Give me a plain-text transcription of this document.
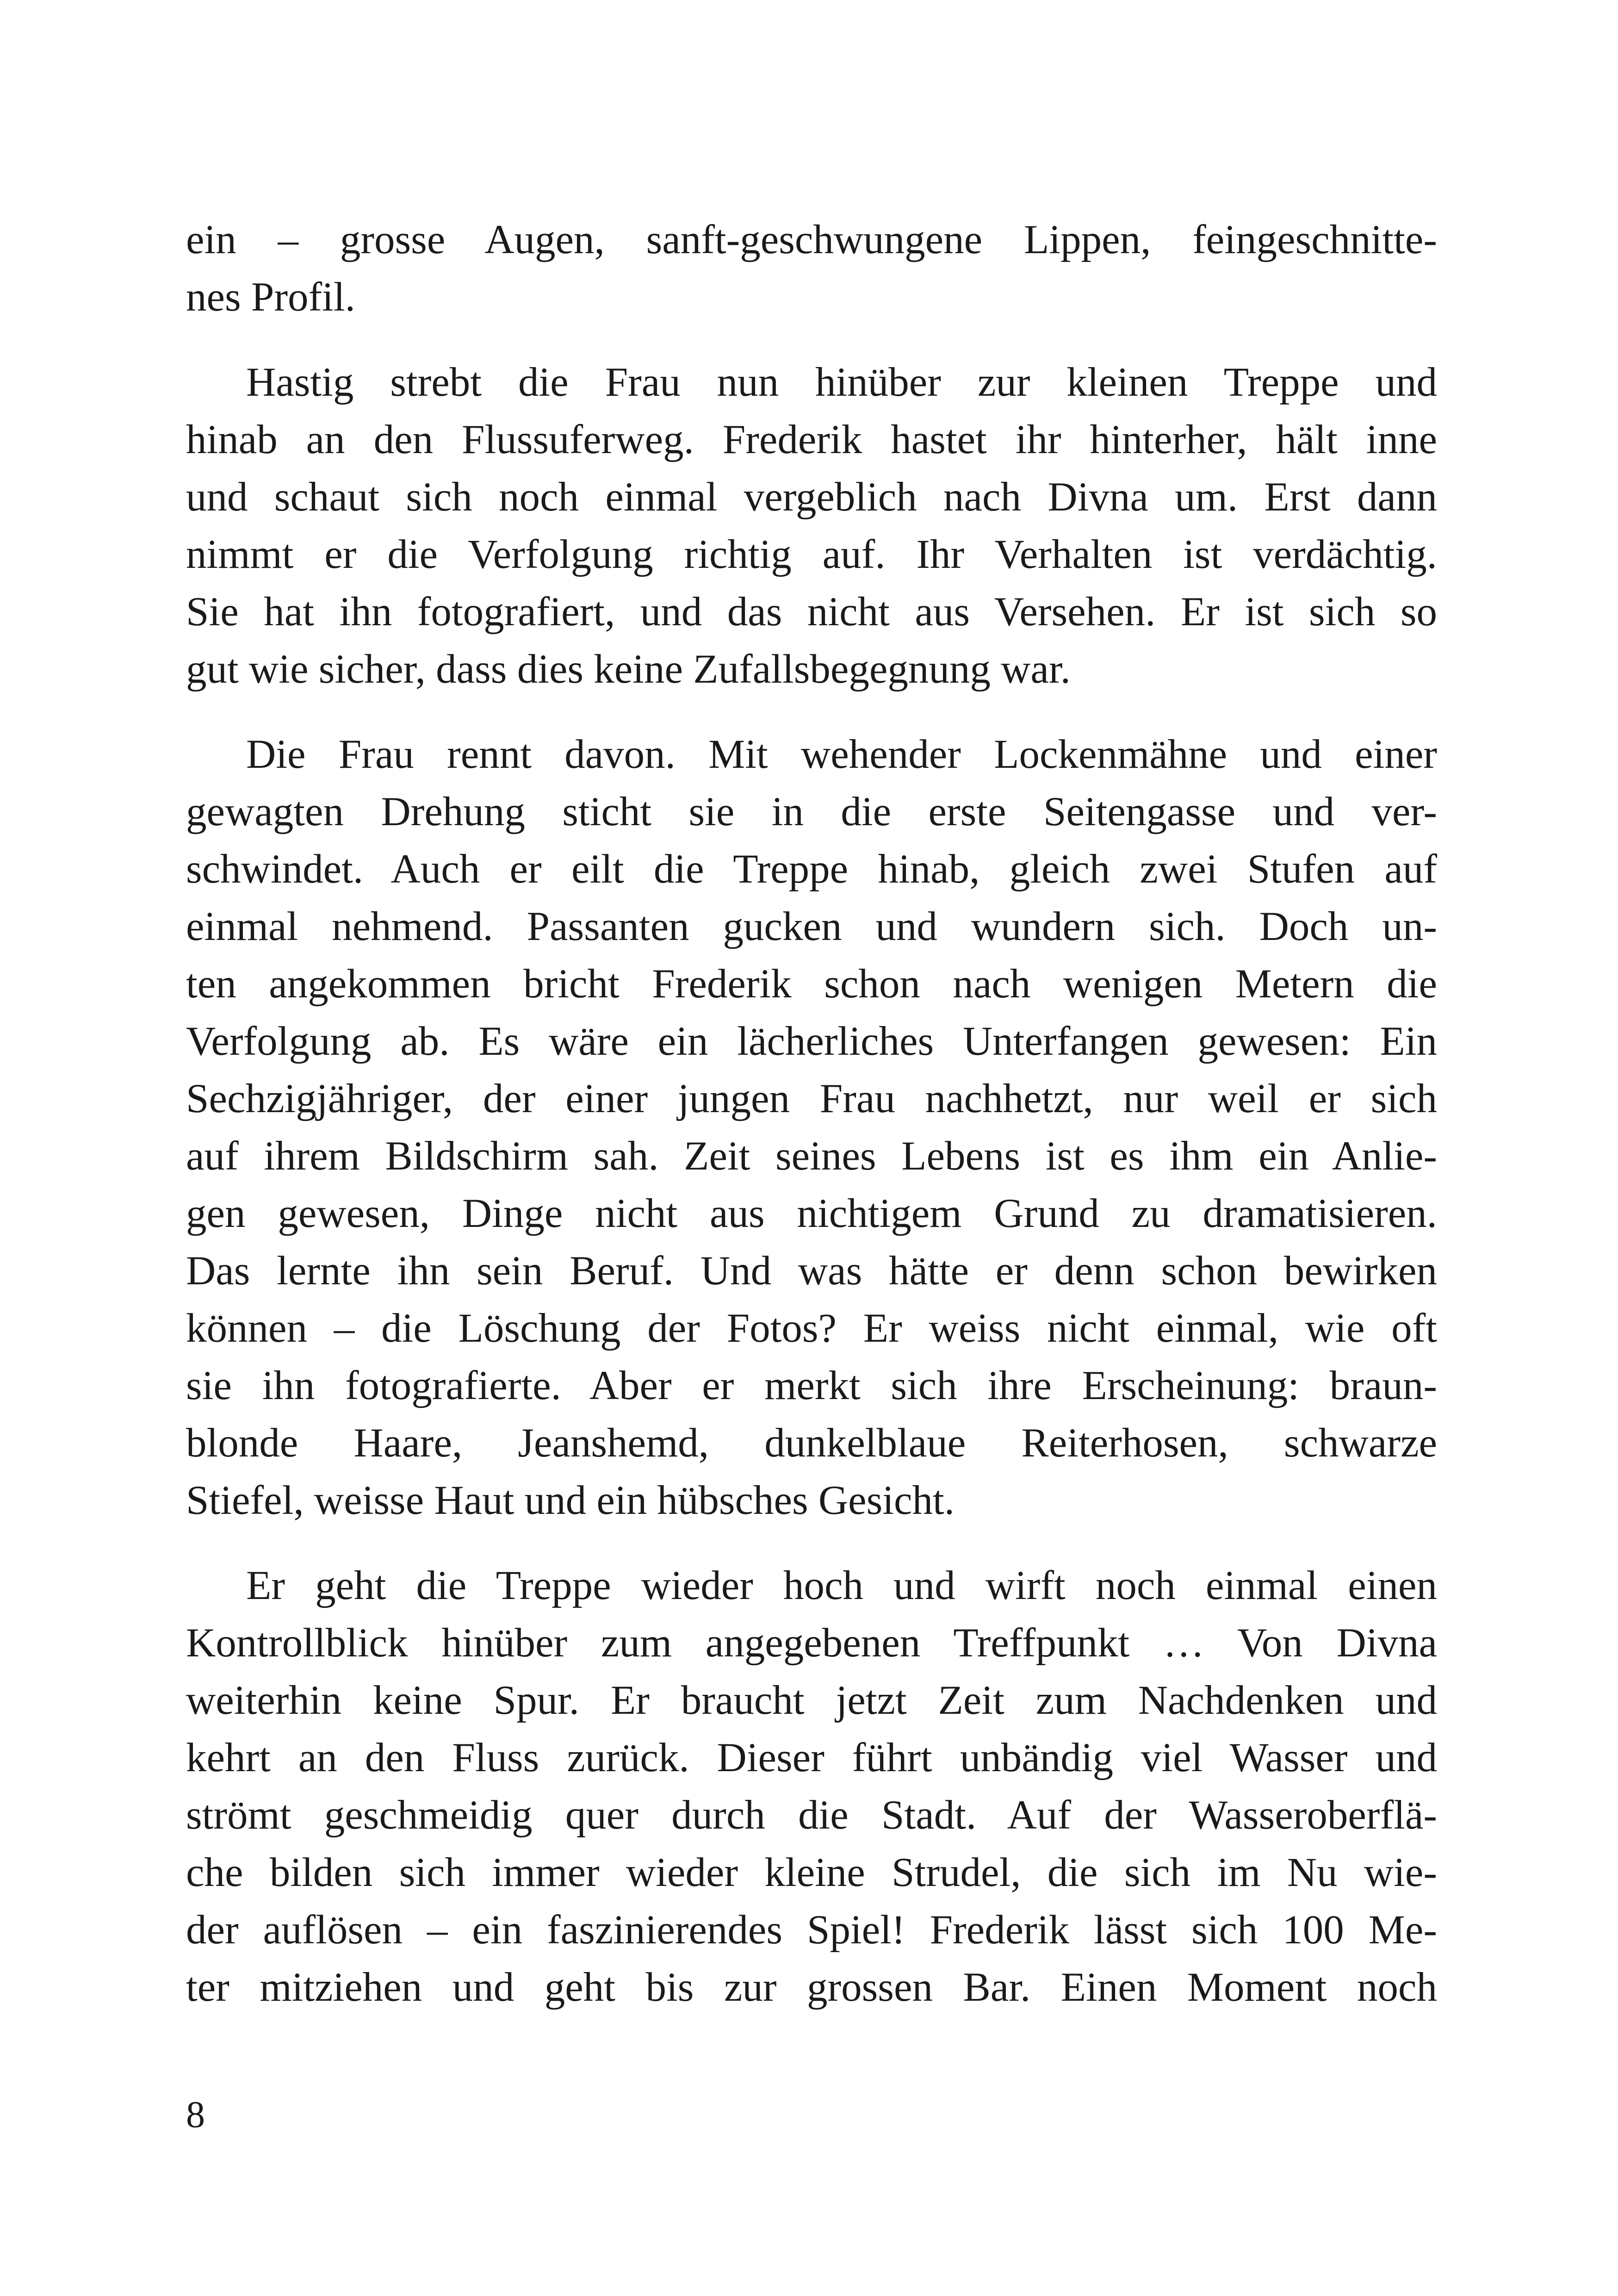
ein – grosse Augen, sanft-geschwungene Lippen, feingeschnitte-
nes Profil.
Hastig strebt die Frau nun hinüber zur kleinen Treppe und
hinab an den Flussuferweg. Frederik hastet ihr hinterher, hält inne
und schaut sich noch einmal vergeblich nach Divna um. Erst dann
nimmt er die Verfolgung richtig auf. Ihr Verhalten ist verdächtig.
Sie hat ihn fotografiert, und das nicht aus Versehen. Er ist sich so
gut wie sicher, dass dies keine Zufallsbegegnung war.
Die Frau rennt davon. Mit wehender Lockenmähne und einer
gewagten Drehung sticht sie in die erste Seitengasse und ver-
schwindet. Auch er eilt die Treppe hinab, gleich zwei Stufen auf
einmal nehmend. Passanten gucken und wundern sich. Doch un-
ten angekommen bricht Frederik schon nach wenigen Metern die
Verfolgung ab. Es wäre ein lächerliches Unterfangen gewesen: Ein
Sechzigjähriger, der einer jungen Frau nachhetzt, nur weil er sich
auf ihrem Bildschirm sah. Zeit seines Lebens ist es ihm ein Anlie-
gen gewesen, Dinge nicht aus nichtigem Grund zu dramatisieren.
Das lernte ihn sein Beruf. Und was hätte er denn schon bewirken
können – die Löschung der Fotos? Er weiss nicht einmal, wie oft
sie ihn fotografierte. Aber er merkt sich ihre Erscheinung: braun-
blonde Haare, Jeanshemd, dunkelblaue Reiterhosen, schwarze
Stiefel, weisse Haut und ein hübsches Gesicht.
Er geht die Treppe wieder hoch und wirft noch einmal einen
Kontrollblick hinüber zum angegebenen Treffpunkt … Von Divna
weiterhin keine Spur. Er braucht jetzt Zeit zum Nachdenken und
kehrt an den Fluss zurück. Dieser führt unbändig viel Wasser und
strömt geschmeidig quer durch die Stadt. Auf der Wasseroberflä-
che bilden sich immer wieder kleine Strudel, die sich im Nu wie-
der auflösen – ein faszinierendes Spiel! Frederik lässt sich 100 Me-
ter mitziehen und geht bis zur grossen Bar. Einen Moment noch
8
